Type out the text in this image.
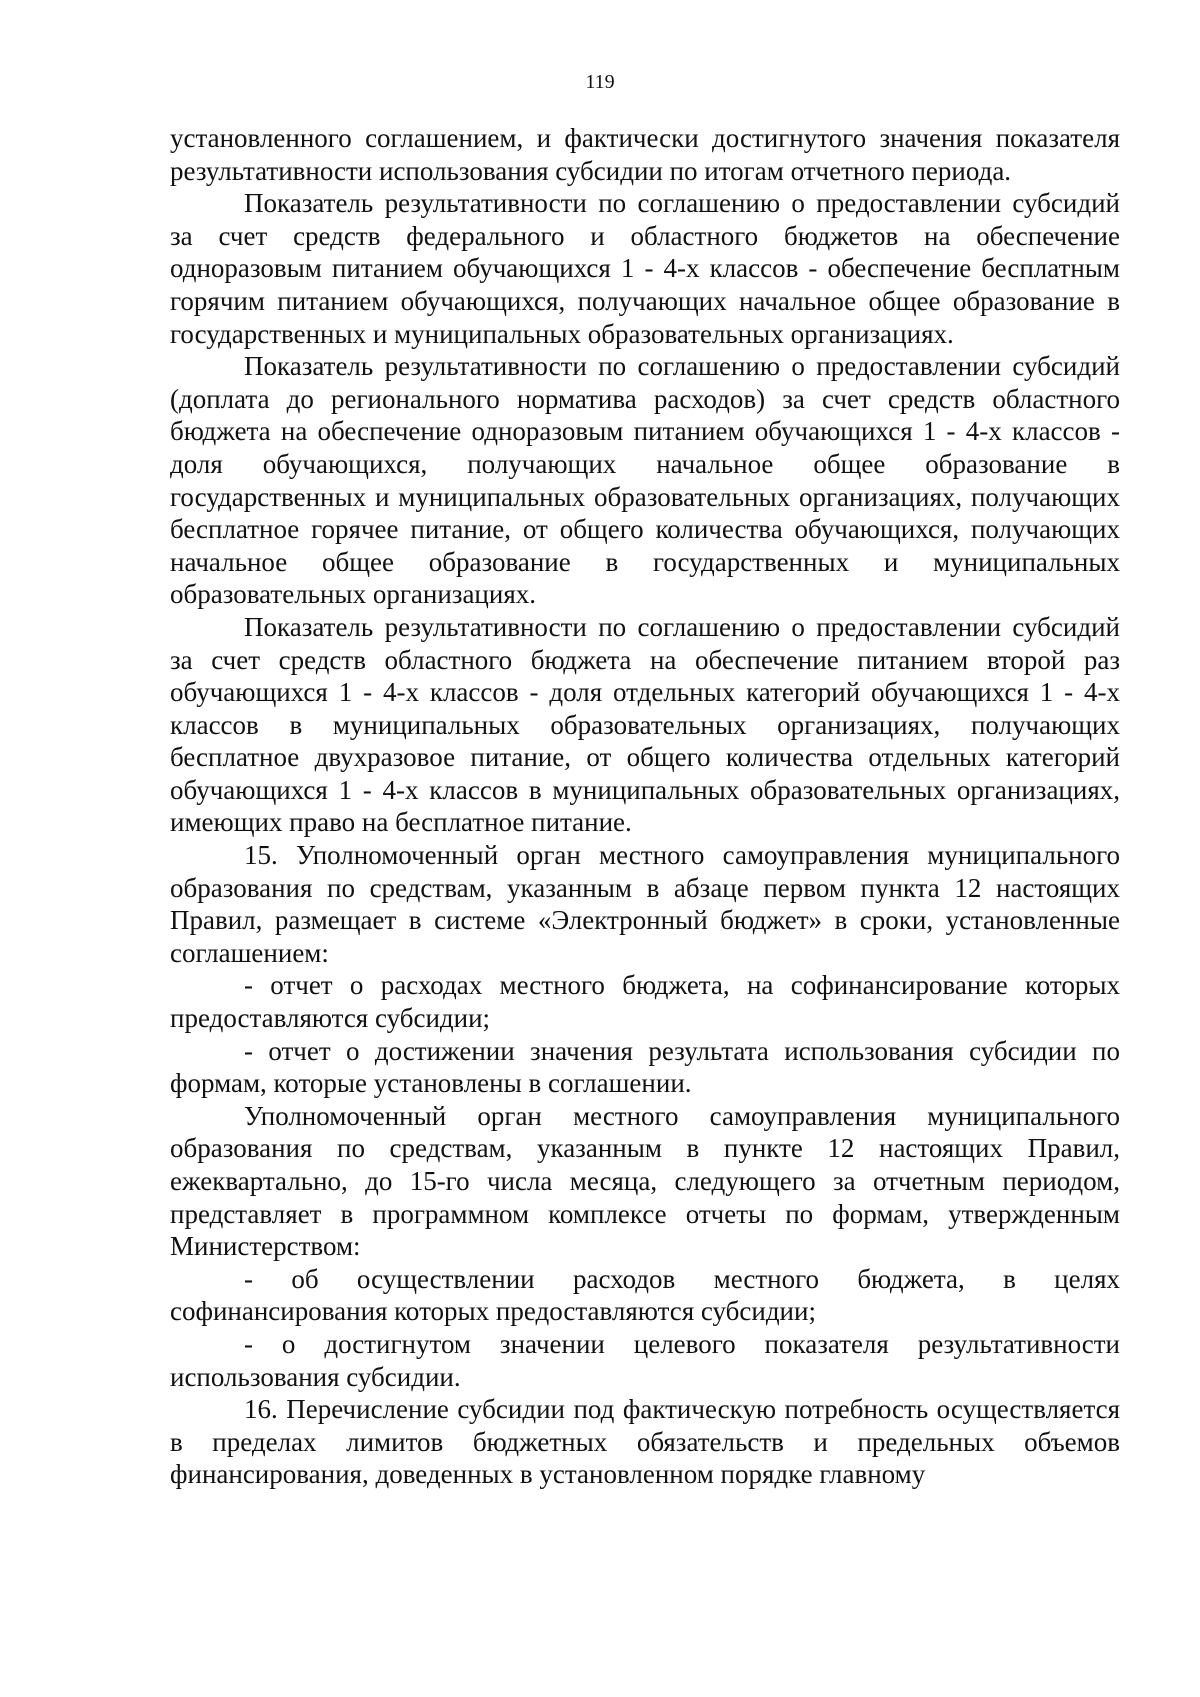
119

установленного соглашением, и фактически достигнутого значения показателя результативности использования субсидии по итогам отчетного периода.

Показатель результативности по соглашению о предоставлении субсидий за счет средств федерального и областного бюджетов на обеспечение одноразовым питанием обучающихся 1 - 4-х классов - обеспечение бесплатным горячим питанием обучающихся, получающих начальное общее образование в государственных и муниципальных образовательных организациях.

Показатель результативности по соглашению о предоставлении субсидий (доплата до регионального норматива расходов) за счет средств областного бюджета на обеспечение одноразовым питанием обучающихся 1 - 4-х классов - доля обучающихся, получающих начальное общее образование в государственных и муниципальных образовательных организациях, получающих бесплатное горячее питание, от общего количества обучающихся, получающих начальное общее образование в государственных и муниципальных образовательных организациях.

Показатель результативности по соглашению о предоставлении субсидий за счет средств областного бюджета на обеспечение питанием второй раз обучающихся 1 - 4-х классов - доля отдельных категорий обучающихся 1 - 4-х классов в муниципальных образовательных организациях, получающих бесплатное двухразовое питание, от общего количества отдельных категорий обучающихся 1 - 4-х классов в муниципальных образовательных организациях, имеющих право на бесплатное питание.

15. Уполномоченный орган местного самоуправления муниципального образования по средствам, указанным в абзаце первом пункта 12 настоящих Правил, размещает в системе «Электронный бюджет» в сроки, установленные соглашением:

- отчет о расходах местного бюджета, на софинансирование которых предоставляются субсидии;

- отчет о достижении значения результата использования субсидии по формам, которые установлены в соглашении.

Уполномоченный орган местного самоуправления муниципального образования по средствам, указанным в пункте 12 настоящих Правил, ежеквартально, до 15-го числа месяца, следующего за отчетным периодом, представляет в программном комплексе отчеты по формам, утвержденным Министерством:

- об осуществлении расходов местного бюджета, в целях софинансирования которых предоставляются субсидии;

- о достигнутом значении целевого показателя результативности использования субсидии.

16. Перечисление субсидии под фактическую потребность осуществляется в пределах лимитов бюджетных обязательств и предельных объемов финансирования, доведенных в установленном порядке главному
